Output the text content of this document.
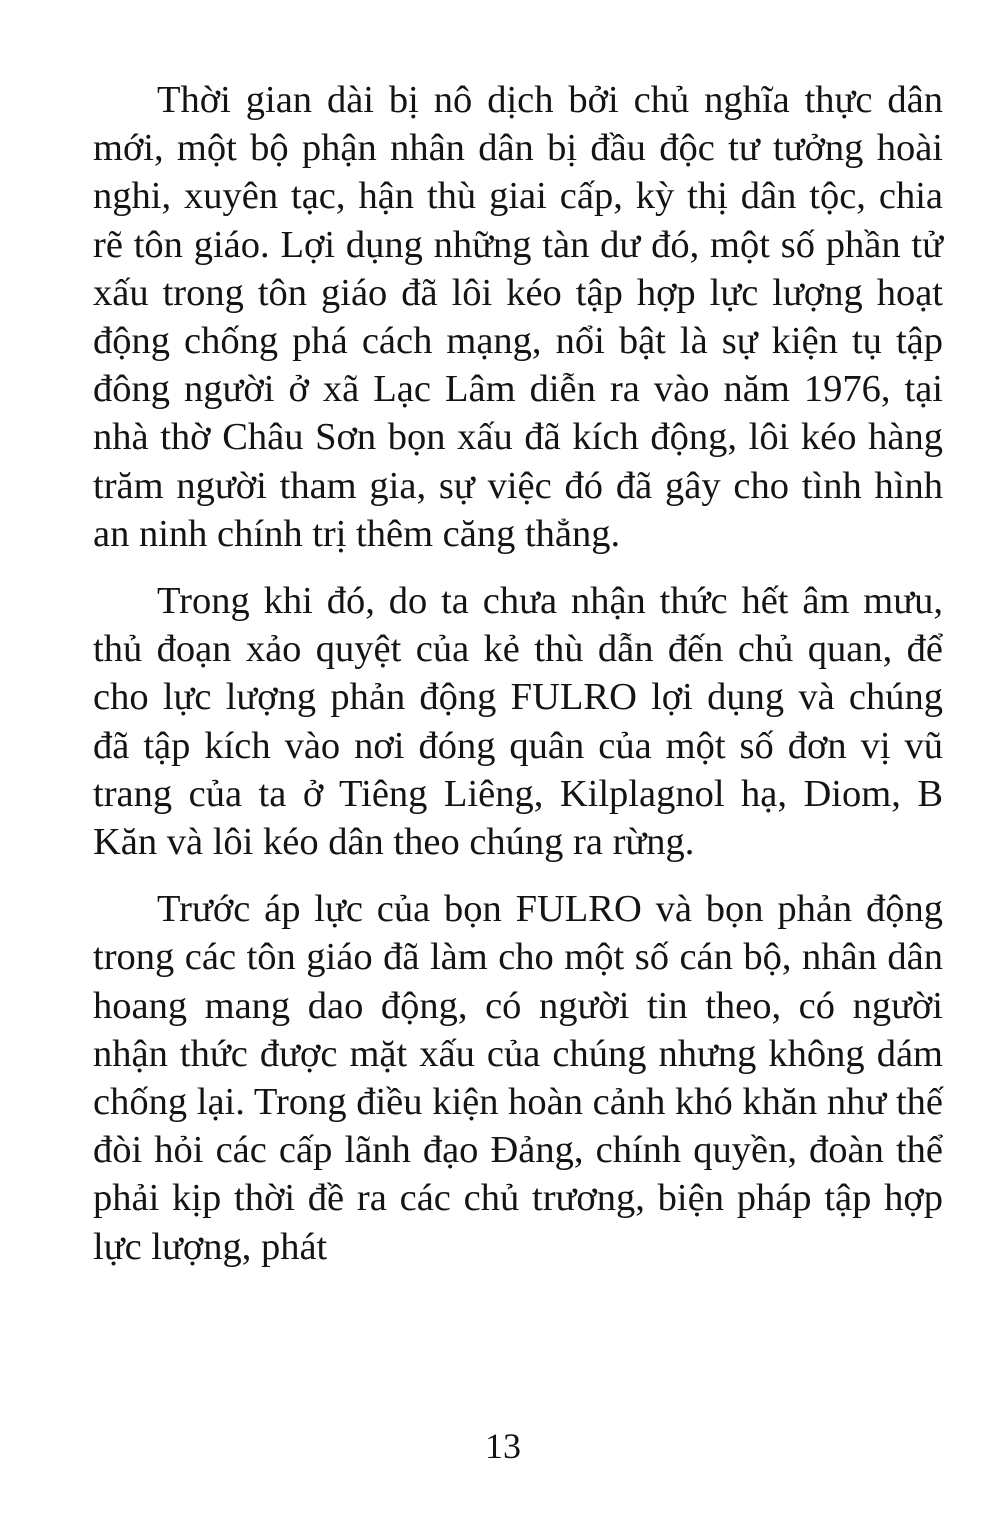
Thời gian dài bị nô dịch bởi chủ nghĩa thực dân mới, một bộ phận nhân dân bị đầu độc tư tưởng hoài nghi, xuyên tạc, hận thù giai cấp, kỳ thị dân tộc, chia rẽ tôn giáo. Lợi dụng những tàn dư đó, một số phần tử xấu trong tôn giáo đã lôi kéo tập hợp lực lượng hoạt động chống phá cách mạng, nổi bật là sự kiện tụ tập đông người ở xã Lạc Lâm diễn ra vào năm 1976, tại nhà thờ Châu Sơn bọn xấu đã kích động, lôi kéo hàng trăm người tham gia, sự việc đó đã gây cho tình hình an ninh chính trị thêm căng thẳng.

Trong khi đó, do ta chưa nhận thức hết âm mưu, thủ đoạn xảo quyệt của kẻ thù dẫn đến chủ quan, để cho lực lượng phản động FULRO lợi dụng và chúng đã tập kích vào nơi đóng quân của một số đơn vị vũ trang của ta ở Tiêng Liêng, Kilplagnol hạ, Diom, B Kăn và lôi kéo dân theo chúng ra rừng.

Trước áp lực của bọn FULRO và bọn phản động trong các tôn giáo đã làm cho một số cán bộ, nhân dân hoang mang dao động, có người tin theo, có người nhận thức được mặt xấu của chúng nhưng không dám chống lại. Trong điều kiện hoàn cảnh khó khăn như thế đòi hỏi các cấp lãnh đạo Đảng, chính quyền, đoàn thể phải kịp thời đề ra các chủ trương, biện pháp tập hợp lực lượng, phát

13
